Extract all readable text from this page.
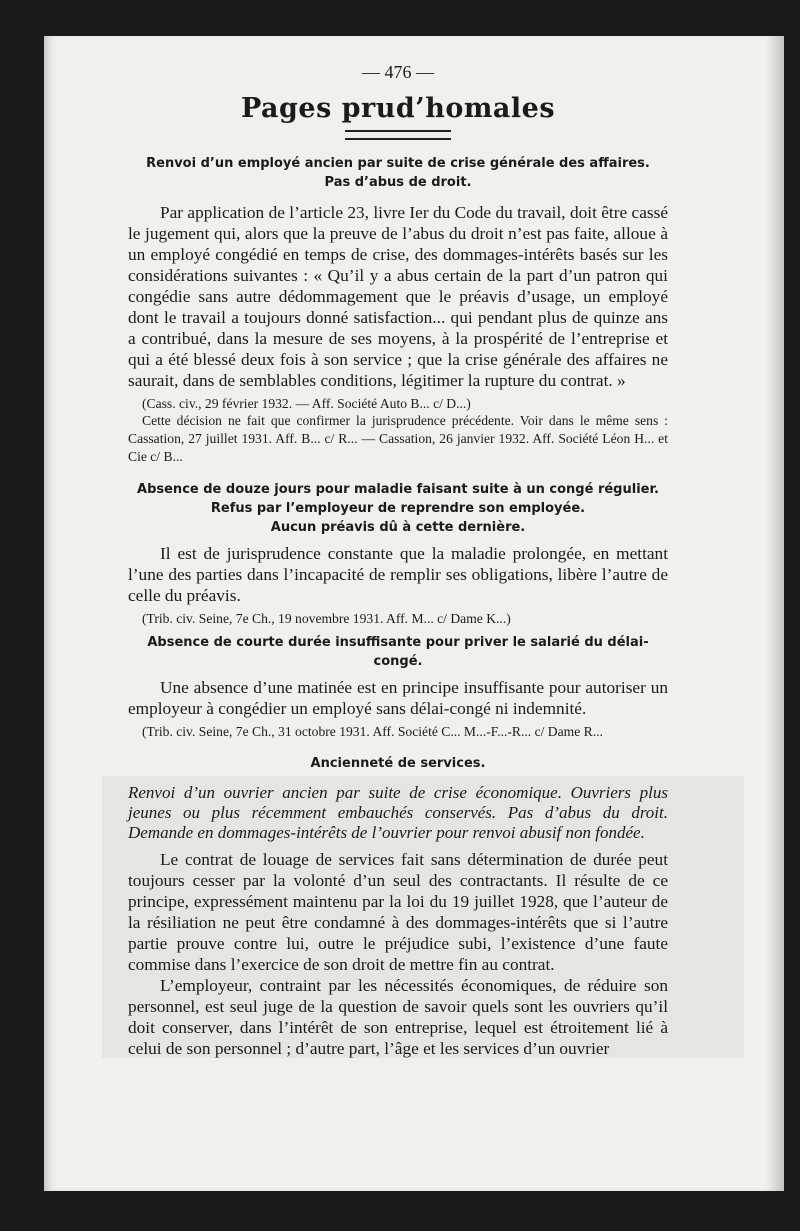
— 476 —
Pages prud’homales

Renvoi d’un employé ancien par suite de crise générale des affaires.

Pas d’abus de droit.

Par application de l’article 23, livre Ier du Code du travail, doit être cassé le jugement qui, alors que la preuve de l’abus du droit n’est pas faite, alloue à un employé congédié en temps de crise, des dommages-intérêts basés sur les considérations suivantes : « Qu’il y a abus certain de la part d’un patron qui congédie sans autre dédommagement que le préavis d’usage, un employé dont le travail a toujours donné satisfaction... qui pendant plus de quinze ans a contribué, dans la mesure de ses moyens, à la prospérité de l’entreprise et qui a été blessé deux fois à son service ; que la crise générale des affaires ne saurait, dans de semblables conditions, légitimer la rupture du contrat. »

(Cass. civ., 29 février 1932. — Aff. Société Auto B... c/ D...)

Cette décision ne fait que confirmer la jurisprudence précédente. Voir dans le même sens : Cassation, 27 juillet 1931. Aff. B... c/ R... — Cassation, 26 janvier 1932. Aff. Société Léon H... et Cie c/ B...

Absence de douze jours pour maladie faisant suite à un congé régulier.

Refus par l’employeur de reprendre son employée.

Aucun préavis dû à cette dernière.

Il est de jurisprudence constante que la maladie prolongée, en mettant l’une des parties dans l’incapacité de remplir ses obligations, libère l’autre de celle du préavis.

(Trib. civ. Seine, 7e Ch., 19 novembre 1931. Aff. M... c/ Dame K...)

Absence de courte durée insuffisante pour priver le salarié du délai-congé.

Une absence d’une matinée est en principe insuffisante pour autoriser un employeur à congédier un employé sans délai-congé ni indemnité.

(Trib. civ. Seine, 7e Ch., 31 octobre 1931. Aff. Société C... M...-F...-R... c/ Dame R...

Ancienneté de services.

Renvoi d’un ouvrier ancien par suite de crise économique. Ouvriers plus jeunes ou plus récemment embauchés conservés. Pas d’abus du droit. Demande en dommages-intérêts de l’ouvrier pour renvoi abusif non fondée.

Le contrat de louage de services fait sans détermination de durée peut toujours cesser par la volonté d’un seul des contractants. Il résulte de ce principe, expressément maintenu par la loi du 19 juillet 1928, que l’auteur de la résiliation ne peut être condamné à des dommages-intérêts que si l’autre partie prouve contre lui, outre le préjudice subi, l’existence d’une faute commise dans l’exercice de son droit de mettre fin au contrat.

L’employeur, contraint par les nécessités économiques, de réduire son personnel, est seul juge de la question de savoir quels sont les ouvriers qu’il doit conserver, dans l’intérêt de son entreprise, lequel est étroitement lié à celui de son personnel ; d’autre part, l’âge et les services d’un ouvrier
